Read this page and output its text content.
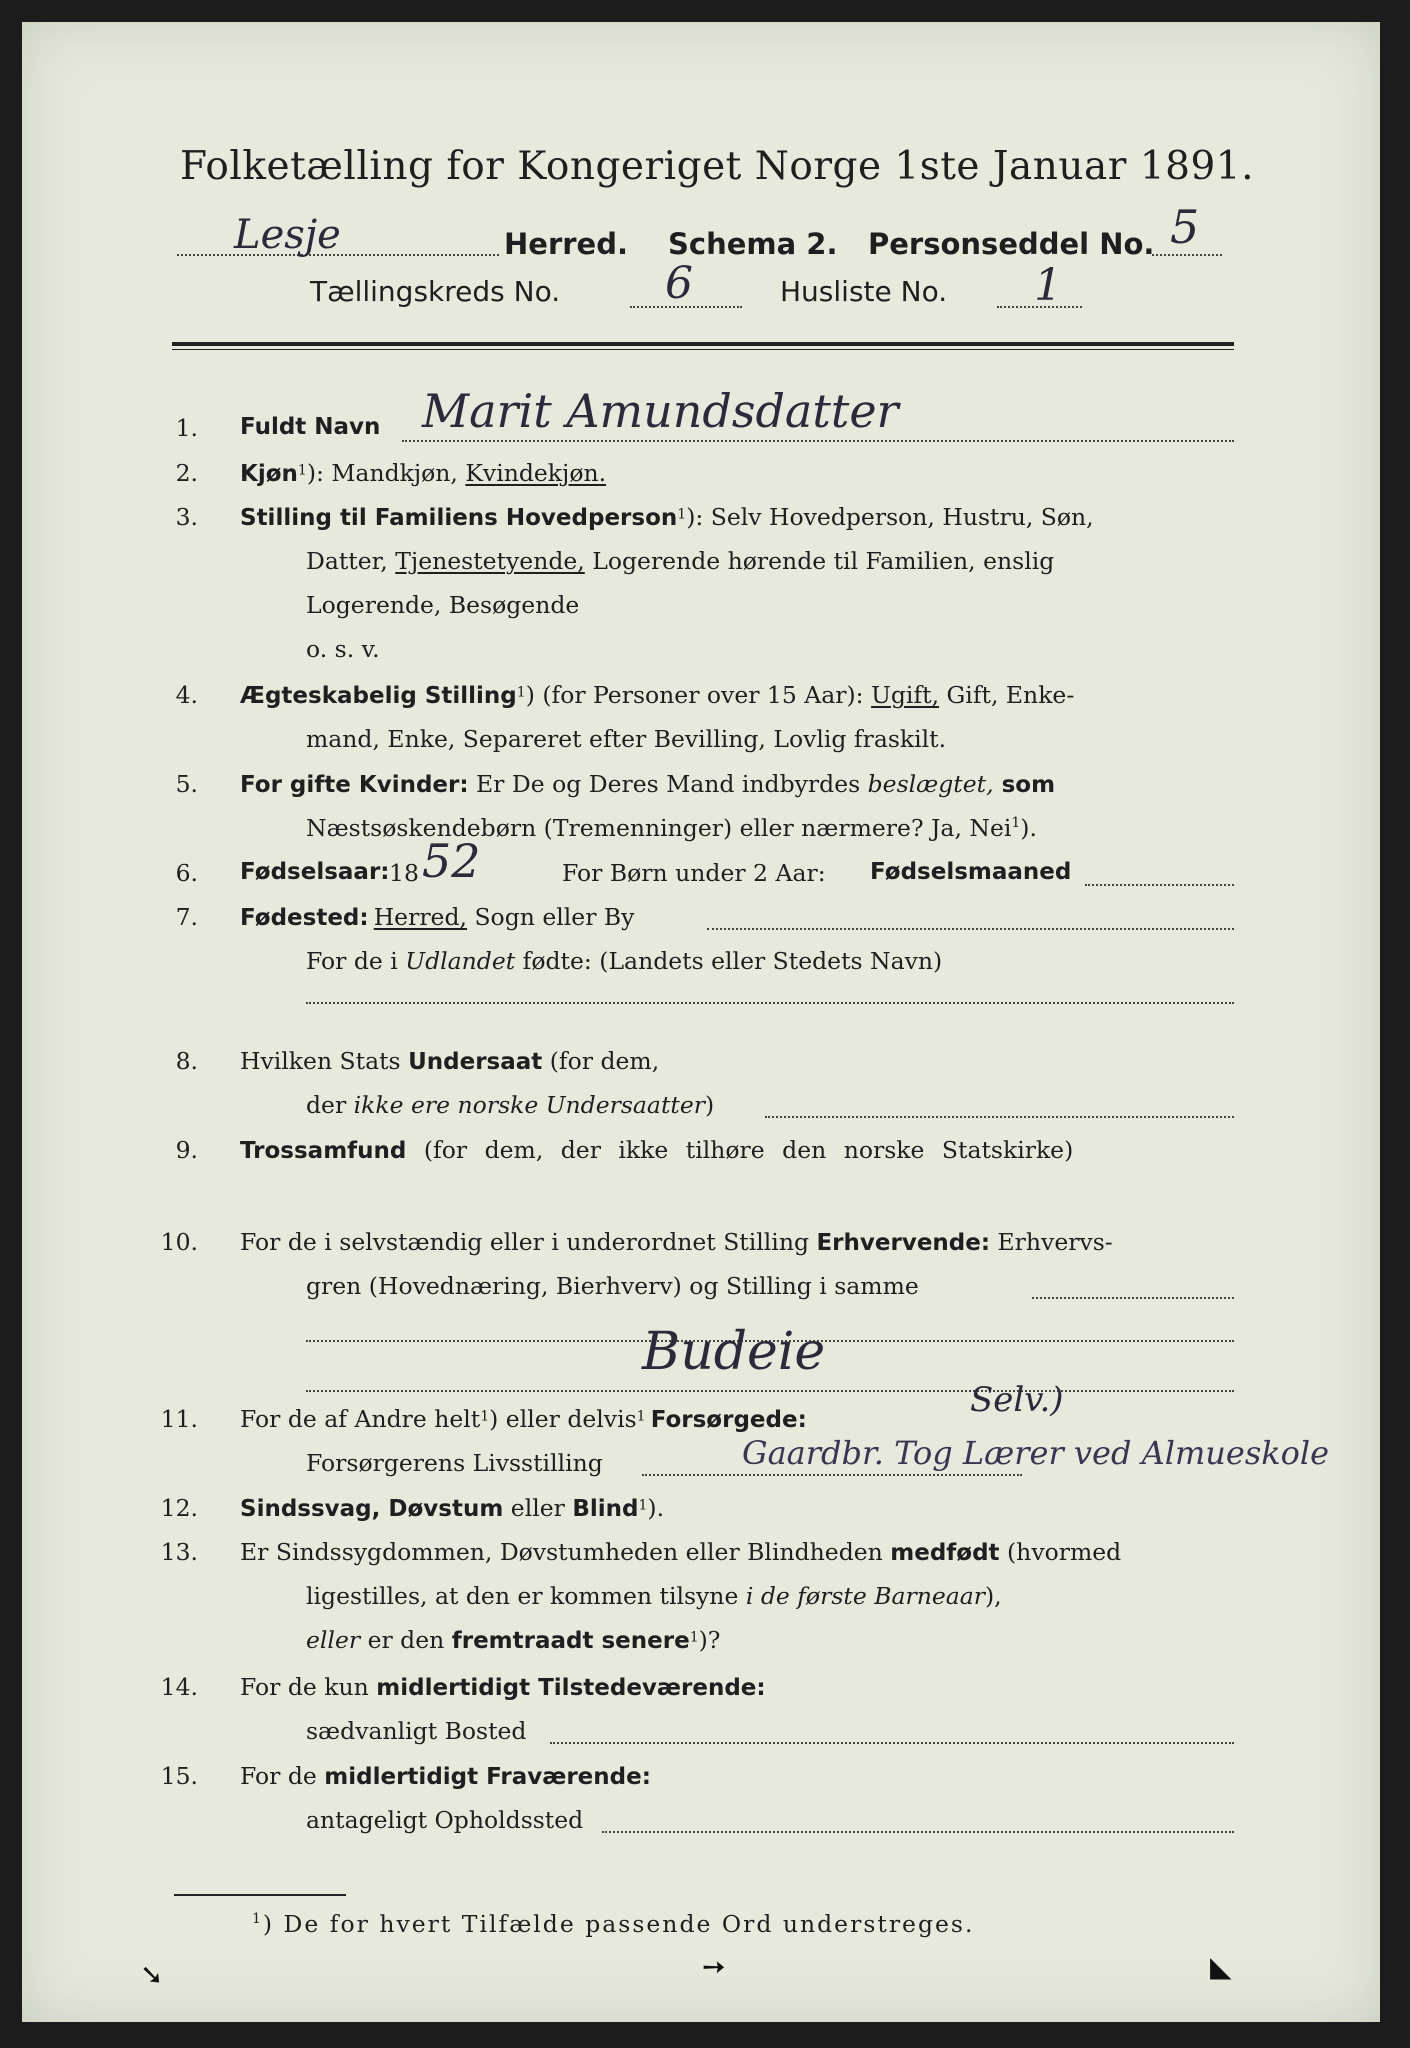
Folketælling for Kongeriget Norge 1ste Januar 1891.
Lesje	Herred. Schema 2. Personseddel No. 5
Tællingskreds No. 6	Husliste No. 1
1. Fuldt Navn Marit Amundsdatter
2. Kjøn$^1$): Mandkjøn, Kvindekjøn.
3. Stilling til Familiens Hovedperson$^1$): Selv Hovedperson, Hustru, Søn,
Datter, Tjenestetyende, Logerende hørende til Familien, enslig
Logerende, Besøgende
o. s. v.
4. Ægteskabelig Stilling$^1$) (for Personer over 15 Aar): Ugift, Gift, Enke-
mand, Enke, Separeret efter Bevilling, Lovlig fraskilt.
5. For gifte Kvinder: Er De og Deres Mand indbyrdes beslægtet, som
Næstsøskendebørn (Tremenninger) eller nærmere? Ja, Nei$^1$).
6. Fødselsaar: 18 52	For Børn under 2 Aar: Fødselsmaaned
7. Fødested: Herred, Sogn eller By
For de i Udlandet fødte: (Landets eller Stedets Navn)
8. Hvilken Stats Undersaat (for dem,
der ikke ere norske Undersaatter)
9. Trossamfund (for dem, der ikke tilhøre den norske Statskirke)
10. For de i selvstændig eller i underordnet Stilling Erhvervende: Erhvervs-
gren (Hovednæring, Bierhverv) og Stilling i samme
Budeie
11. For de af Andre helt$^1$) eller delvis$^1$ Forsørgede:	Selv.)
Forsørgerens Livsstilling	Gaardbr. Tog Lærer ved Almueskole
12. Sindssvag, Døvstum eller Blind$^1$).
13. Er Sindssygdommen, Døvstumheden eller Blindheden medfødt (hvormed
ligestilles, at den er kommen tilsyne i de første Barneaar),
eller er den fremtraadt senere$^1$)?
14. For de kun midlertidigt Tilstedeværende:
sædvanligt Bosted
15. For de midlertidigt Fraværende:
antageligt Opholdssted
$^1$) De for hvert Tilfælde passende Ord understreges.
➘	➙	◣
